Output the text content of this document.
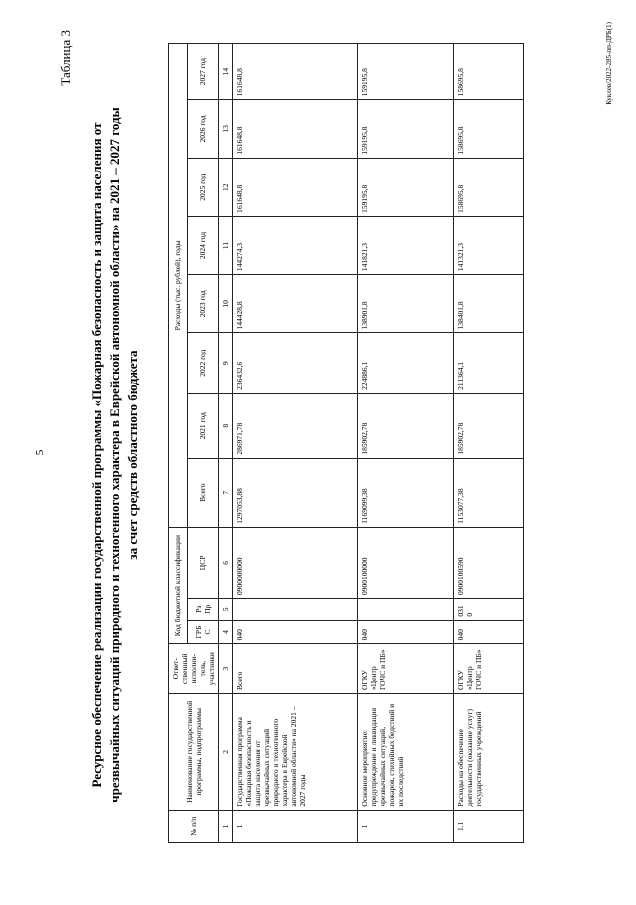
5
Таблица 3
Ресурсное обеспечение реализации государственной программы «Пожарная безопасность и защита населения от чрезвычайных ситуаций природного и техногенного характера в Еврейской автономной области» на 2021 – 2027 годы за счет средств областного бюджета
№ п/п	Наименование государственной программы, подпрограммы	Ответ-ственный исполни-тель, участники	Код бюджетной классификации			Расходы (тыс. рублей), годы							
			ГРБ С	Рз Пр	ЦСР	Всего	2021 год	2022 год	2023 год	2024 год	2025 год	2026 год	2027 год
1	2	3	4	5	6	7	8	9	10	11	12	13	14
1	Государственная программа «Пожарная безопасность и защита населения от чрезвычайных ситуаций природного и техногенного характера в Еврейской автономной области» на 2021 – 2027 годы	Всего	040		0900000000	1297053,88	286971,78	236432,6	144428,8	144274,3	161648,8	161648,8	161648,8
1	Основное мероприятие: предупреждение и ликвидация чрезвычайных ситуаций, пожаров, стихийных бедствий и их последствий	ОГКУ «Центр ГОЧС и ПБ»	040		0900100000	1169099,38	185902,78	224886,1	138901,8	141821,3	159195,8	159195,8	159195,8
1.1	Расходы на обеспечение деятельности (оказание услуг) государственных учреждений	ОГКУ «Центр ГОЧС и ПБ»	040	0310	0900100590	1153077,38	185902,78	211364,1	138401,8	141321,3	158695,8	158695,8	158695,8	Куклев/2022-285-пп-ДРБ(1)
